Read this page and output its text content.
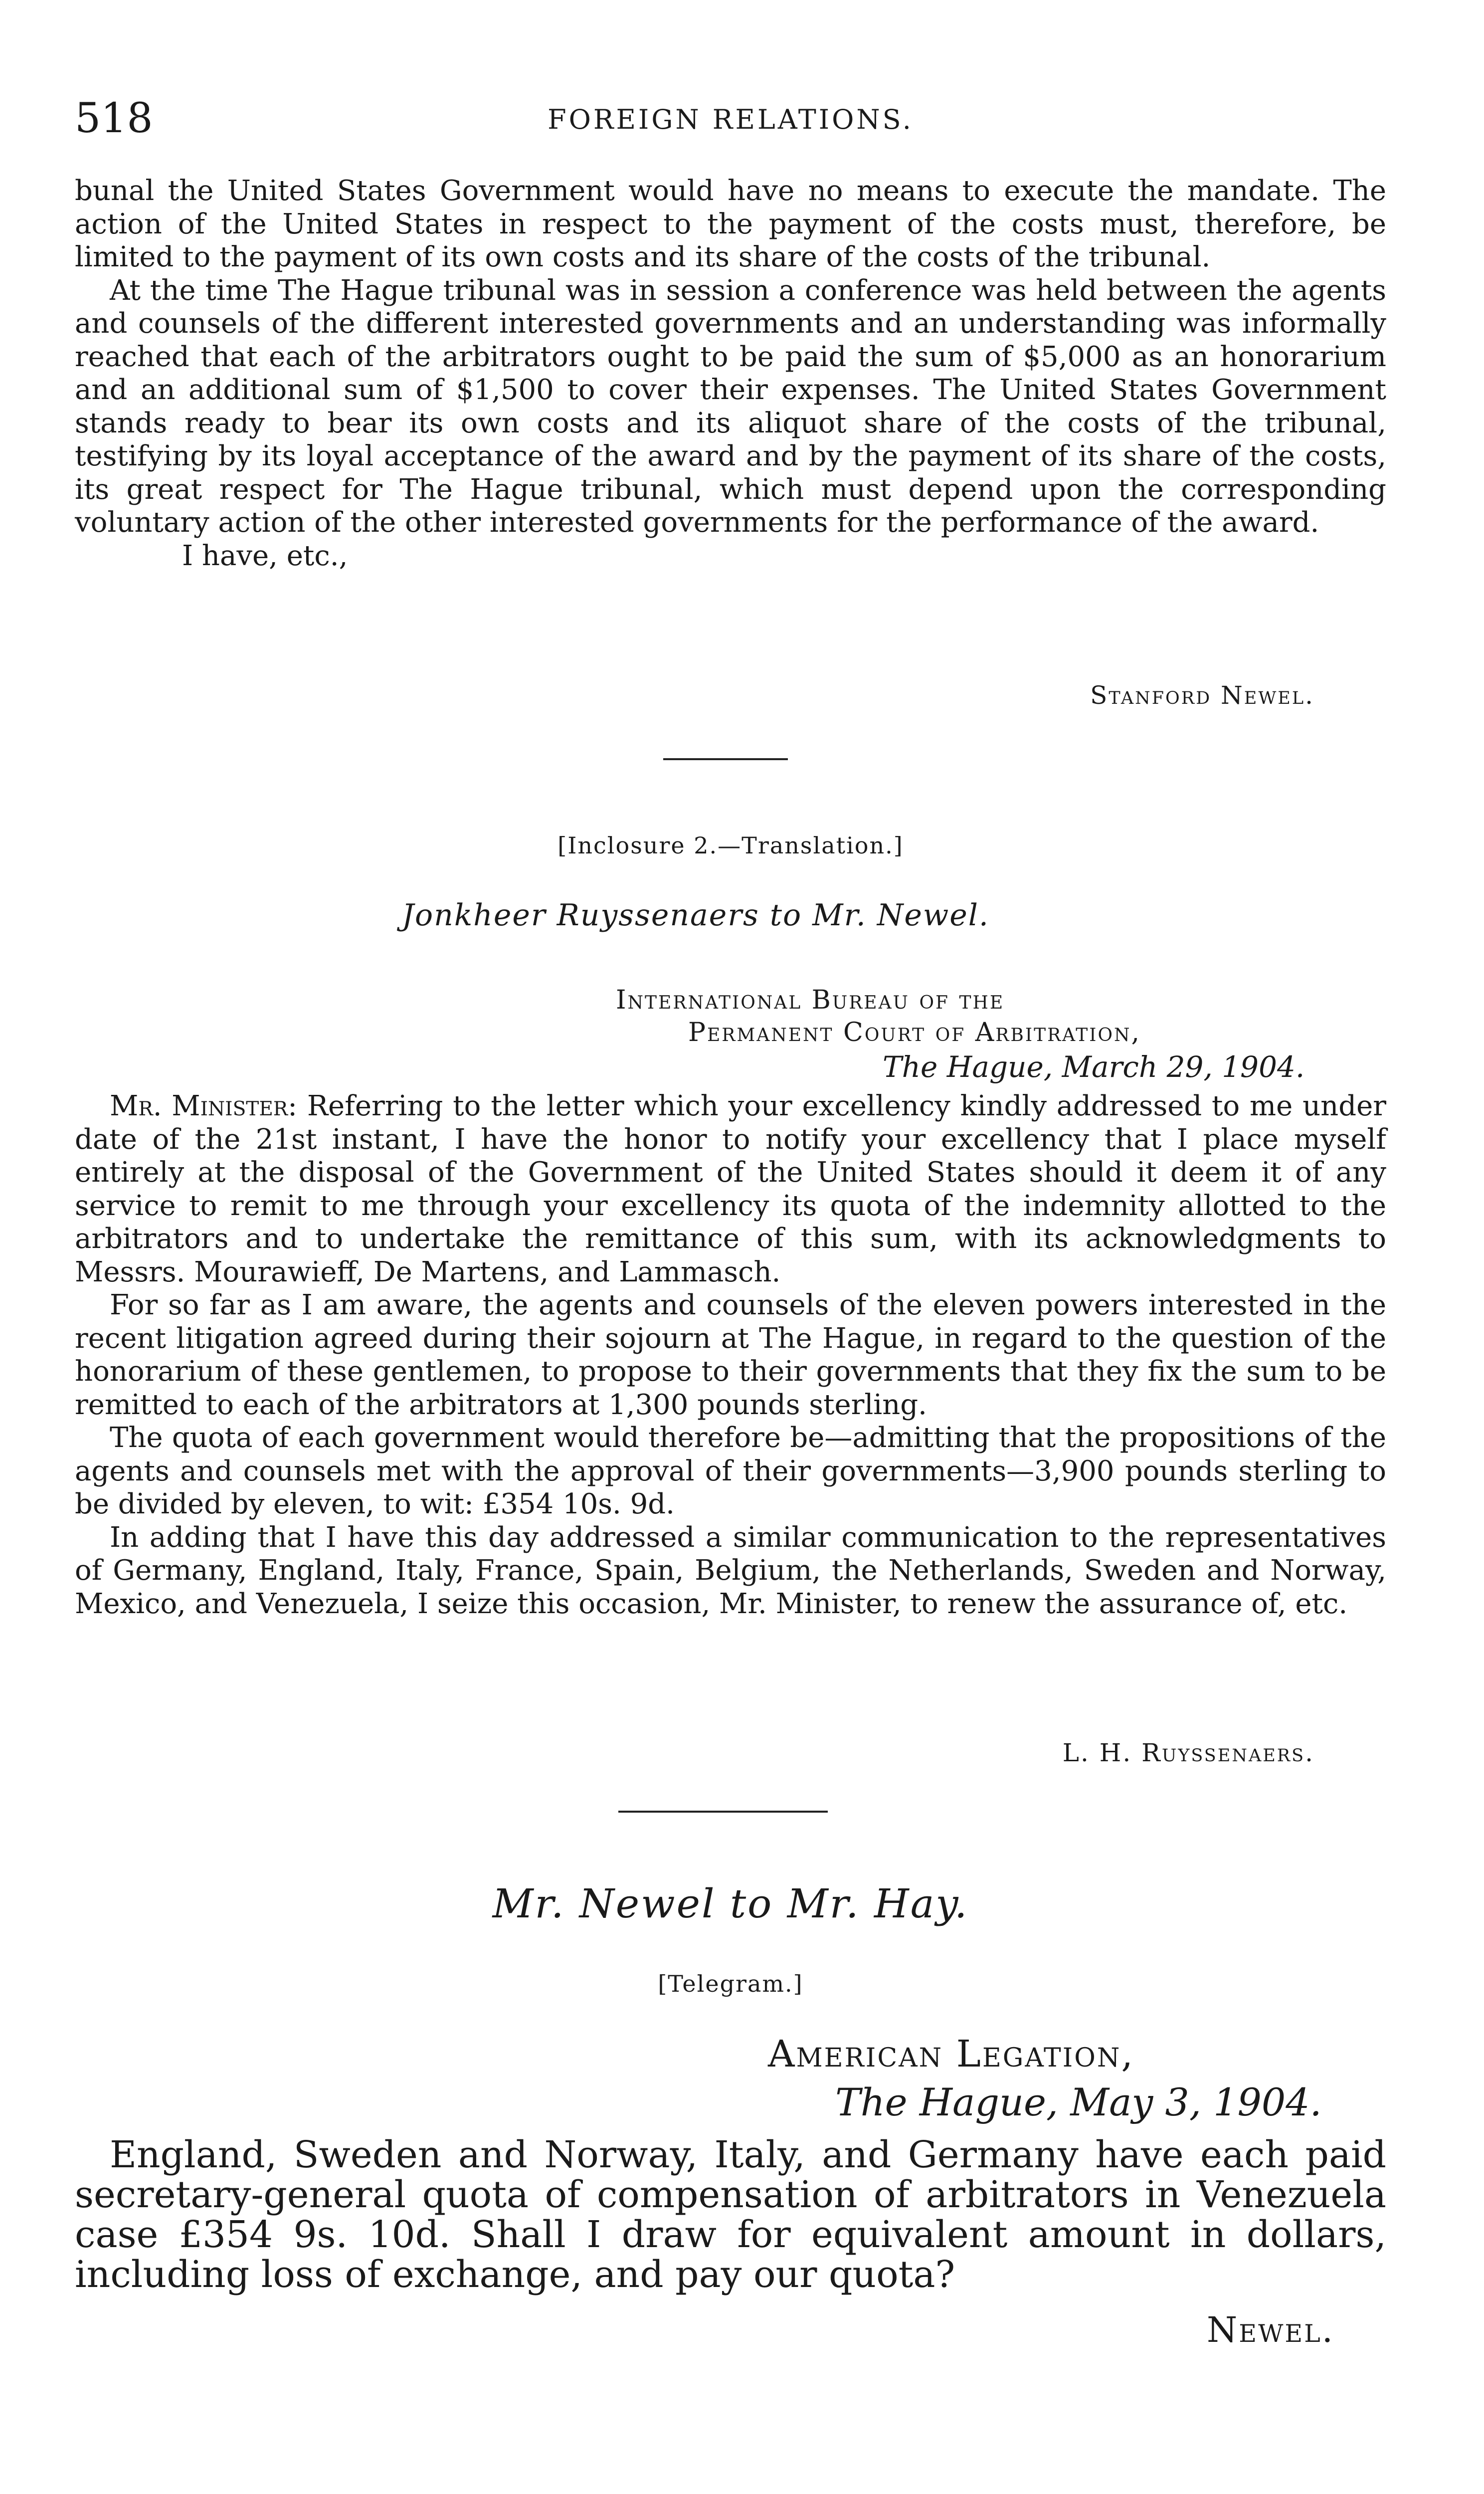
518	FOREIGN RELATIONS.

bunal the United States Government would have no means to execute the mandate. The action of the United States in respect to the payment of the costs must, therefore, be limited to the payment of its own costs and its share of the costs of the tribunal.

At the time The Hague tribunal was in session a conference was held between the agents and counsels of the different interested governments and an understanding was informally reached that each of the arbitrators ought to be paid the sum of $5,000 as an honorarium and an additional sum of $1,500 to cover their expenses. The United States Government stands ready to bear its own costs and its aliquot share of the costs of the tribunal, testifying by its loyal acceptance of the award and by the payment of its share of the costs, its great respect for The Hague tribunal, which must depend upon the corresponding voluntary action of the other interested governments for the performance of the award.

I have, etc.,

Stanford Newel.
[Inclosure 2.—Translation.]
Jonkheer Ruyssenaers to Mr. Newel.
International Bureau of the
Permanent Court of Arbitration,
The Hague, March 29, 1904.

Mr. Minister: Referring to the letter which your excellency kindly addressed to me under date of the 21st instant, I have the honor to notify your excellency that I place myself entirely at the disposal of the Government of the United States should it deem it of any service to remit to me through your excellency its quota of the indemnity allotted to the arbitrators and to undertake the remittance of this sum, with its acknowledgments to Messrs. Mourawieff, De Martens, and Lammasch.

For so far as I am aware, the agents and counsels of the eleven powers interested in the recent litigation agreed during their sojourn at The Hague, in regard to the question of the honorarium of these gentlemen, to propose to their governments that they fix the sum to be remitted to each of the arbitrators at 1,300 pounds sterling.

The quota of each government would therefore be—admitting that the propositions of the agents and counsels met with the approval of their governments—3,900 pounds sterling to be divided by eleven, to wit: £354 10s. 9d.

In adding that I have this day addressed a similar communication to the representatives of Germany, England, Italy, France, Spain, Belgium, the Netherlands, Sweden and Norway, Mexico, and Venezuela, I seize this occasion, Mr. Minister, to renew the assurance of, etc.

L. H. Ruyssenaers.
Mr. Newel to Mr. Hay.
[Telegram.]
American Legation,
The Hague, May 3, 1904.

England, Sweden and Norway, Italy, and Germany have each paid secretary-general quota of compensation of arbitrators in Venezuela case £354 9s. 10d. Shall I draw for equivalent amount in dollars, including loss of exchange, and pay our quota?

Newel.
